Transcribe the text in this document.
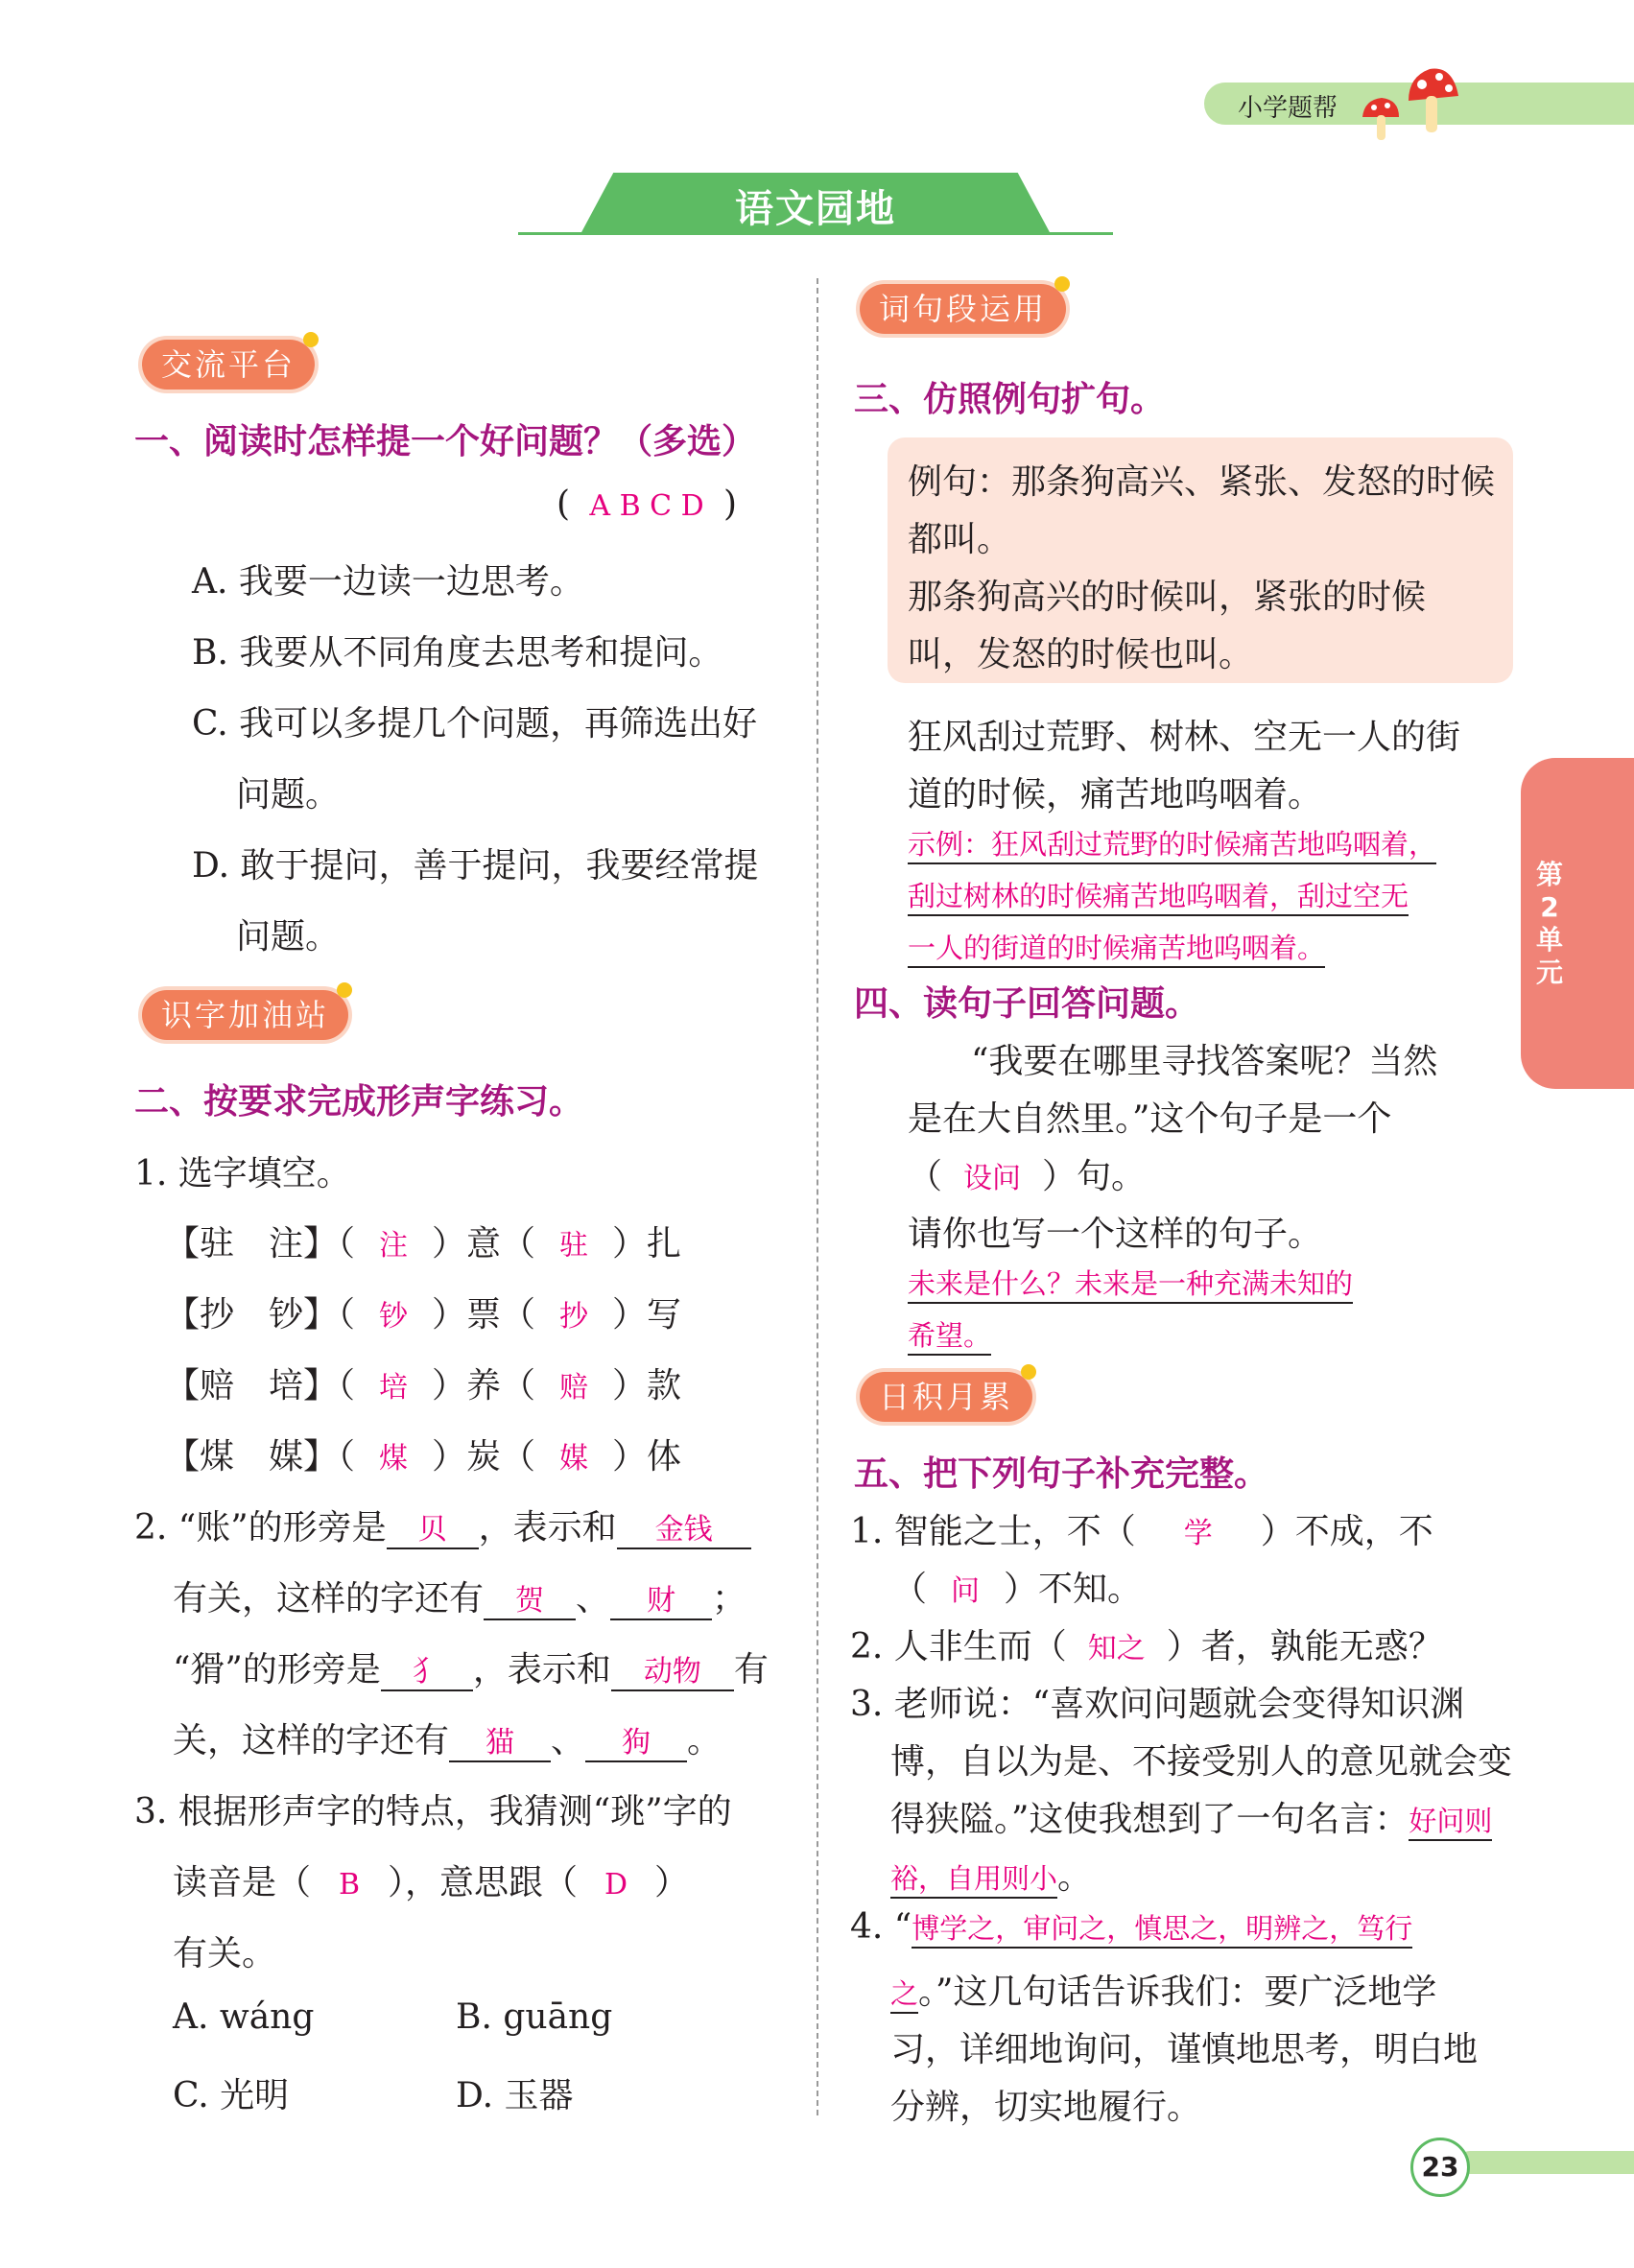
小学题帮
语文园地
第
2
单
元
交流平台
一、阅读时怎样提一个好问题？（多选）
( A B C D )
A. 我要一边读一边思考。
B. 我要从不同角度去思考和提问。
C. 我可以多提几个问题，再筛选出好
问题。
D. 敢于提问，善于提问，我要经常提
问题。
识字加油站
二、按要求完成形声字练习。
1. 选字填空。
【驻　注】（ 注 ）意（ 驻 ）扎
【抄　钞】（ 钞 ）票（ 抄 ）写
【赔　培】（ 培 ）养（ 赔 ）款
【煤　媒】（ 煤 ）炭（ 媒 ）体
2. “账”的形旁是 贝 ，表示和 金钱
有关，这样的字还有 贺 、 财 ；
“猾”的形旁是 犭 ，表示和 动物 有
关，这样的字还有 猫 、 狗 。
3. 根据形声字的特点，我猜测“珧”字的
读音是（ B ），意思跟（ D ）
有关。
A. wáng	B. guāng
C. 光明	D. 玉器
词句段运用
三、仿照例句扩句。
例句：那条狗高兴、紧张、发怒的时候
都叫。
那条狗高兴的时候叫，紧张的时候
叫，发怒的时候也叫。
狂风刮过荒野、树林、空无一人的街
道的时候，痛苦地呜咽着。
示例：狂风刮过荒野的时候痛苦地呜咽着，
刮过树林的时候痛苦地呜咽着，刮过空无
一人的街道的时候痛苦地呜咽着。
四、读句子回答问题。
“我要在哪里寻找答案呢？当然
是在大自然里。”这个句子是一个
（ 设问 ）句。
请你也写一个这样的句子。
未来是什么？未来是一种充满未知的
希望。
日积月累
五、把下列句子补充完整。
1. 智能之士，不（ 学 ）不成，不
（ 问 ）不知。
2. 人非生而（ 知之 ）者，孰能无惑？
3. 老师说：“喜欢问问题就会变得知识渊
博，自以为是、不接受别人的意见就会变
得狭隘。”这使我想到了一句名言：好问则
裕，自用则小。
4. “博学之，审问之，慎思之，明辨之，笃行
之。”这几句话告诉我们：要广泛地学
习，详细地询问，谨慎地思考，明白地
分辨，切实地履行。
23
